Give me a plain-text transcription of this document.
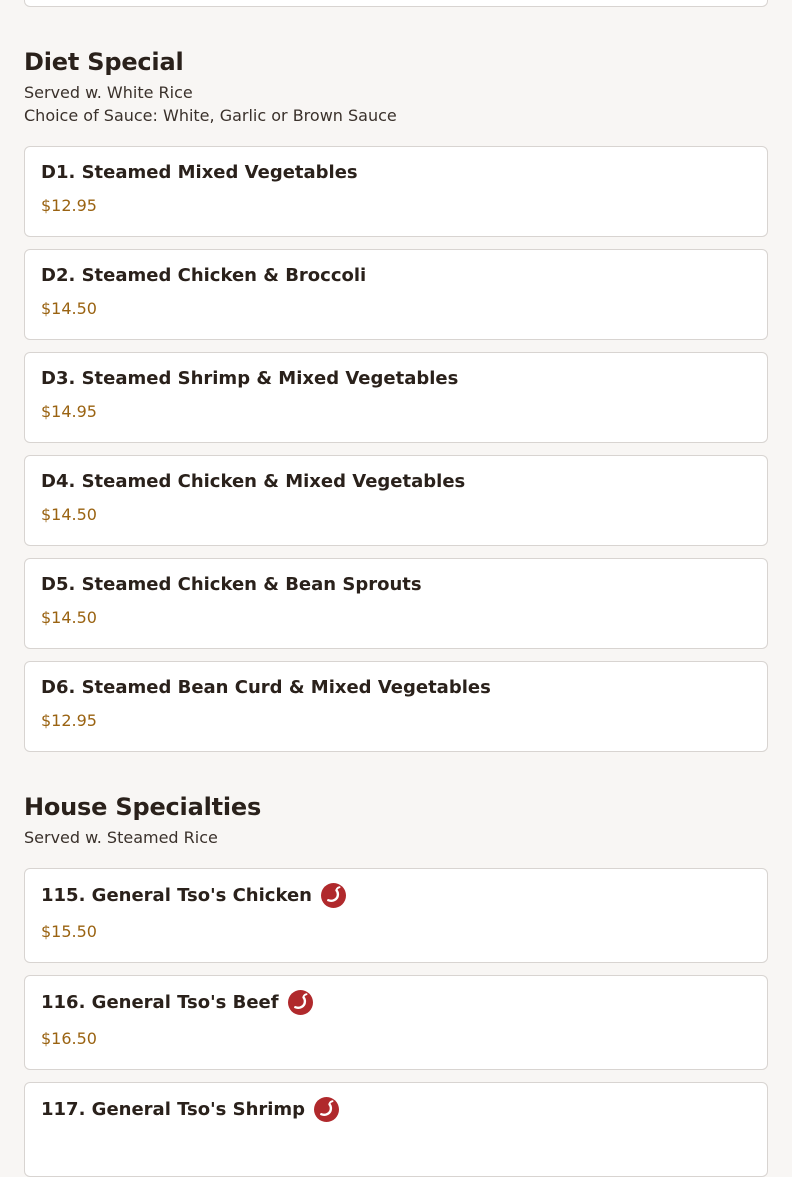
Diet Special
Served w. White Rice
Choice of Sauce: White, Garlic or Brown Sauce
D1. Steamed Mixed Vegetables
$12.95
D2. Steamed Chicken & Broccoli
$14.50
D3. Steamed Shrimp & Mixed Vegetables
$14.95
D4. Steamed Chicken & Mixed Vegetables
$14.50
D5. Steamed Chicken & Bean Sprouts
$14.50
D6. Steamed Bean Curd & Mixed Vegetables
$12.95
House Specialties
Served w. Steamed Rice
115. General Tso's Chicken
$15.50
116. General Tso's Beef
$16.50
117. General Tso's Shrimp
